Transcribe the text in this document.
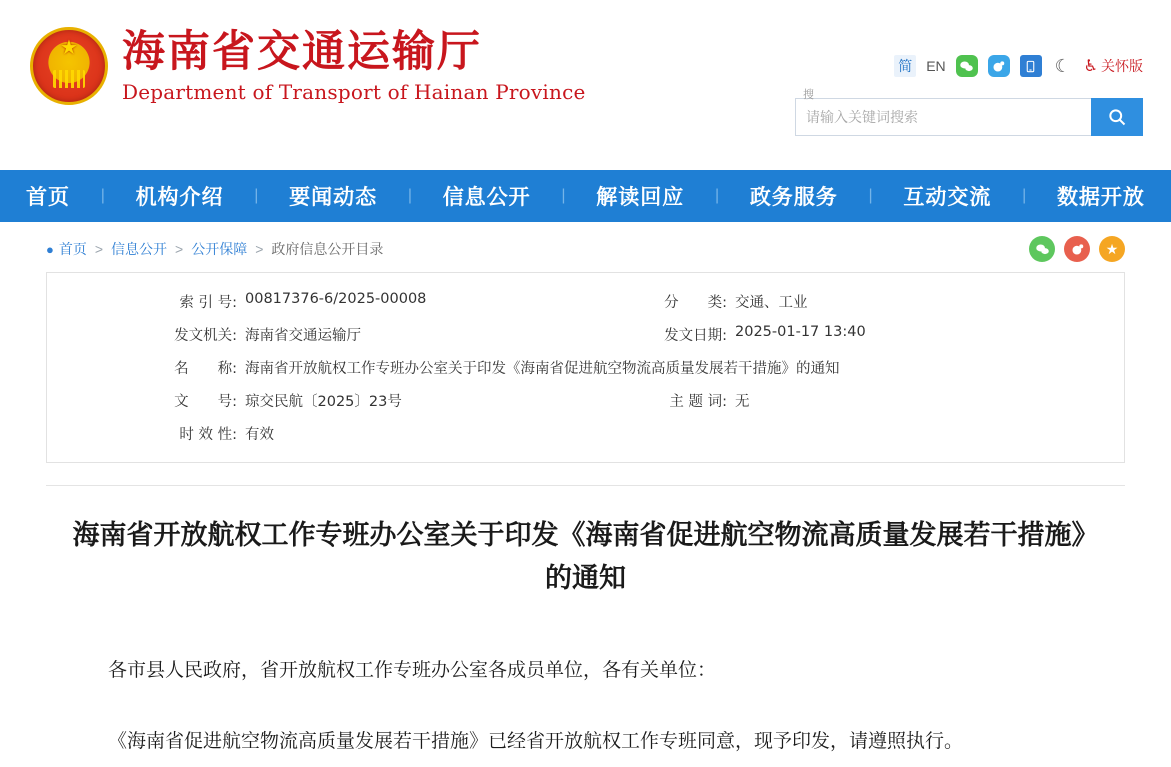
★
海南省交通运输厅
Department of Transport of Hainan Province
简 EN	☾ ♿ 关怀版
搜
请输入关键词搜索
首页 | 机构介绍 | 要闻动态 | 信息公开 | 解读回应 | 政务服务 | 互动交流 | 数据开放
● 首页 > 信息公开 > 公开保障 > 政府信息公开目录	★
索 引 号:	00817376-6/2025-00008	分　　类:	交通、工业
发文机关:	海南省交通运输厅	发文日期:	2025-01-17 13:40
名　　称:	海南省开放航权工作专班办公室关于印发《海南省促进航空物流高质量发展若干措施》的通知		
文　　号:	琼交民航〔2025〕23号	主 题 词:	无
时 效 性:	有效		
海南省开放航权工作专班办公室关于印发《海南省促进航空物流高质量发展若干措施》的通知

各市县人民政府，省开放航权工作专班办公室各成员单位，各有关单位：

《海南省促进航空物流高质量发展若干措施》已经省开放航权工作专班同意，现予印发，请遵照执行。
